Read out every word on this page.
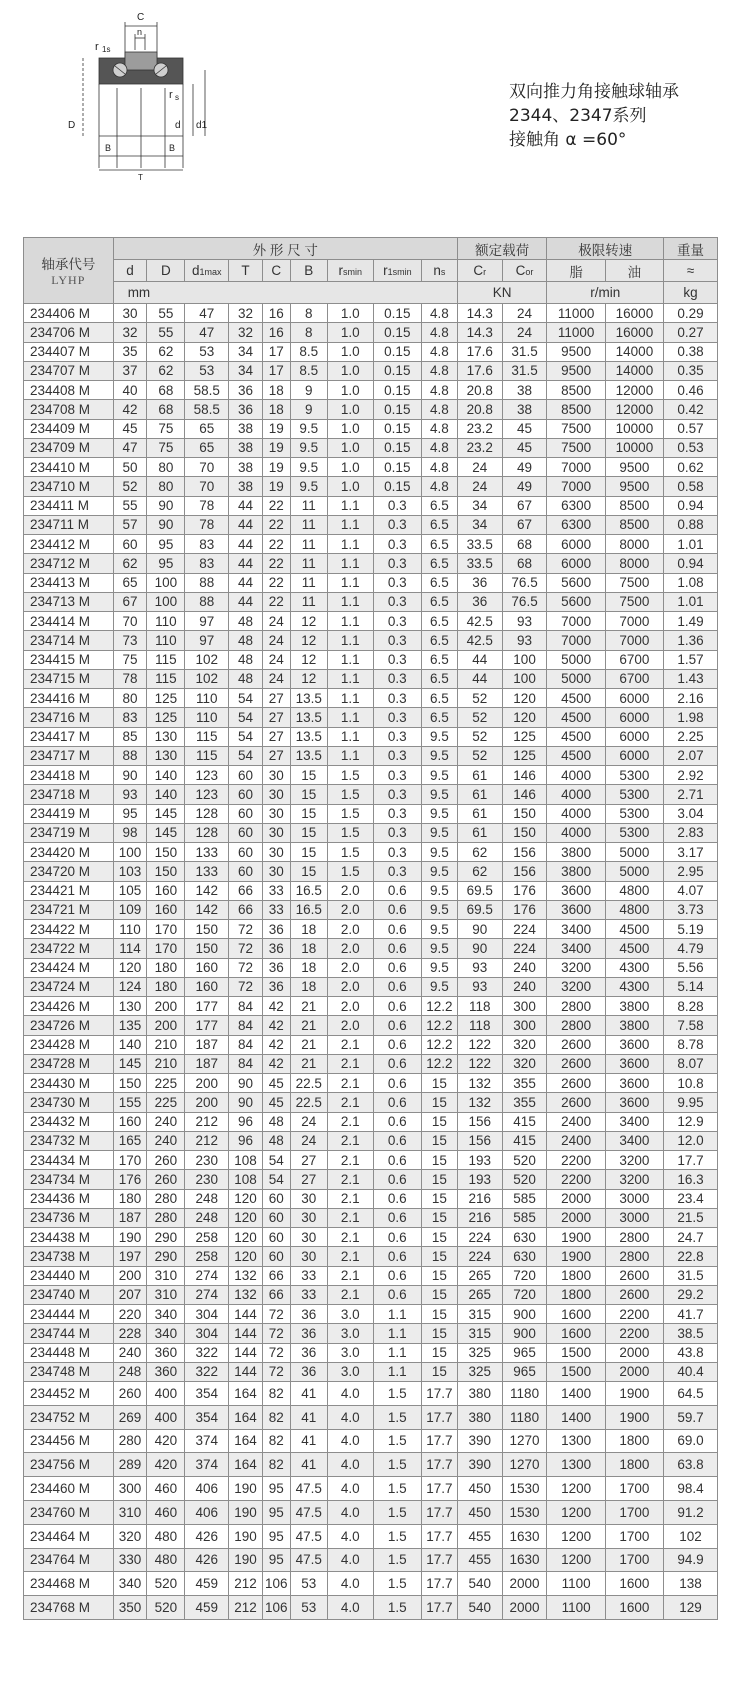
C
n
r 1s
r s
D	d d1
B	B
T
双向推力角接触球轴承
2344、2347系列
接触角 α =60°
轴承代号
LYHP	外 形 尺 寸									额定载荷		极限转速		重量
	d	D	d1max	T	C	B	rsmin	r1smin	ns	Cr	Cor	脂	油	≈
	mm									KN		r/min		kg
234406 M	30	55	47	32	16	8	1.0	0.15	4.8	14.3	24	11000	16000	0.29
234706 M	32	55	47	32	16	8	1.0	0.15	4.8	14.3	24	11000	16000	0.27
234407 M	35	62	53	34	17	8.5	1.0	0.15	4.8	17.6	31.5	9500	14000	0.38
234707 M	37	62	53	34	17	8.5	1.0	0.15	4.8	17.6	31.5	9500	14000	0.35
234408 M	40	68	58.5	36	18	9	1.0	0.15	4.8	20.8	38	8500	12000	0.46
234708 M	42	68	58.5	36	18	9	1.0	0.15	4.8	20.8	38	8500	12000	0.42
234409 M	45	75	65	38	19	9.5	1.0	0.15	4.8	23.2	45	7500	10000	0.57
234709 M	47	75	65	38	19	9.5	1.0	0.15	4.8	23.2	45	7500	10000	0.53
234410 M	50	80	70	38	19	9.5	1.0	0.15	4.8	24	49	7000	9500	0.62
234710 M	52	80	70	38	19	9.5	1.0	0.15	4.8	24	49	7000	9500	0.58
234411 M	55	90	78	44	22	11	1.1	0.3	6.5	34	67	6300	8500	0.94
234711 M	57	90	78	44	22	11	1.1	0.3	6.5	34	67	6300	8500	0.88
234412 M	60	95	83	44	22	11	1.1	0.3	6.5	33.5	68	6000	8000	1.01
234712 M	62	95	83	44	22	11	1.1	0.3	6.5	33.5	68	6000	8000	0.94
234413 M	65	100	88	44	22	11	1.1	0.3	6.5	36	76.5	5600	7500	1.08
234713 M	67	100	88	44	22	11	1.1	0.3	6.5	36	76.5	5600	7500	1.01
234414 M	70	110	97	48	24	12	1.1	0.3	6.5	42.5	93	7000	7000	1.49
234714 M	73	110	97	48	24	12	1.1	0.3	6.5	42.5	93	7000	7000	1.36
234415 M	75	115	102	48	24	12	1.1	0.3	6.5	44	100	5000	6700	1.57
234715 M	78	115	102	48	24	12	1.1	0.3	6.5	44	100	5000	6700	1.43
234416 M	80	125	110	54	27	13.5	1.1	0.3	6.5	52	120	4500	6000	2.16
234716 M	83	125	110	54	27	13.5	1.1	0.3	6.5	52	120	4500	6000	1.98
234417 M	85	130	115	54	27	13.5	1.1	0.3	9.5	52	125	4500	6000	2.25
234717 M	88	130	115	54	27	13.5	1.1	0.3	9.5	52	125	4500	6000	2.07
234418 M	90	140	123	60	30	15	1.5	0.3	9.5	61	146	4000	5300	2.92
234718 M	93	140	123	60	30	15	1.5	0.3	9.5	61	146	4000	5300	2.71
234419 M	95	145	128	60	30	15	1.5	0.3	9.5	61	150	4000	5300	3.04
234719 M	98	145	128	60	30	15	1.5	0.3	9.5	61	150	4000	5300	2.83
234420 M	100	150	133	60	30	15	1.5	0.3	9.5	62	156	3800	5000	3.17
234720 M	103	150	133	60	30	15	1.5	0.3	9.5	62	156	3800	5000	2.95
234421 M	105	160	142	66	33	16.5	2.0	0.6	9.5	69.5	176	3600	4800	4.07
234721 M	109	160	142	66	33	16.5	2.0	0.6	9.5	69.5	176	3600	4800	3.73
234422 M	110	170	150	72	36	18	2.0	0.6	9.5	90	224	3400	4500	5.19
234722 M	114	170	150	72	36	18	2.0	0.6	9.5	90	224	3400	4500	4.79
234424 M	120	180	160	72	36	18	2.0	0.6	9.5	93	240	3200	4300	5.56
234724 M	124	180	160	72	36	18	2.0	0.6	9.5	93	240	3200	4300	5.14
234426 M	130	200	177	84	42	21	2.0	0.6	12.2	118	300	2800	3800	8.28
234726 M	135	200	177	84	42	21	2.0	0.6	12.2	118	300	2800	3800	7.58
234428 M	140	210	187	84	42	21	2.1	0.6	12.2	122	320	2600	3600	8.78
234728 M	145	210	187	84	42	21	2.1	0.6	12.2	122	320	2600	3600	8.07
234430 M	150	225	200	90	45	22.5	2.1	0.6	15	132	355	2600	3600	10.8
234730 M	155	225	200	90	45	22.5	2.1	0.6	15	132	355	2600	3600	9.95
234432 M	160	240	212	96	48	24	2.1	0.6	15	156	415	2400	3400	12.9
234732 M	165	240	212	96	48	24	2.1	0.6	15	156	415	2400	3400	12.0
234434 M	170	260	230	108	54	27	2.1	0.6	15	193	520	2200	3200	17.7
234734 M	176	260	230	108	54	27	2.1	0.6	15	193	520	2200	3200	16.3
234436 M	180	280	248	120	60	30	2.1	0.6	15	216	585	2000	3000	23.4
234736 M	187	280	248	120	60	30	2.1	0.6	15	216	585	2000	3000	21.5
234438 M	190	290	258	120	60	30	2.1	0.6	15	224	630	1900	2800	24.7
234738 M	197	290	258	120	60	30	2.1	0.6	15	224	630	1900	2800	22.8
234440 M	200	310	274	132	66	33	2.1	0.6	15	265	720	1800	2600	31.5
234740 M	207	310	274	132	66	33	2.1	0.6	15	265	720	1800	2600	29.2
234444 M	220	340	304	144	72	36	3.0	1.1	15	315	900	1600	2200	41.7
234744 M	228	340	304	144	72	36	3.0	1.1	15	315	900	1600	2200	38.5
234448 M	240	360	322	144	72	36	3.0	1.1	15	325	965	1500	2000	43.8
234748 M	248	360	322	144	72	36	3.0	1.1	15	325	965	1500	2000	40.4
234452 M	260	400	354	164	82	41	4.0	1.5	17.7	380	1180	1400	1900	64.5
234752 M	269	400	354	164	82	41	4.0	1.5	17.7	380	1180	1400	1900	59.7
234456 M	280	420	374	164	82	41	4.0	1.5	17.7	390	1270	1300	1800	69.0
234756 M	289	420	374	164	82	41	4.0	1.5	17.7	390	1270	1300	1800	63.8
234460 M	300	460	406	190	95	47.5	4.0	1.5	17.7	450	1530	1200	1700	98.4
234760 M	310	460	406	190	95	47.5	4.0	1.5	17.7	450	1530	1200	1700	91.2
234464 M	320	480	426	190	95	47.5	4.0	1.5	17.7	455	1630	1200	1700	102
234764 M	330	480	426	190	95	47.5	4.0	1.5	17.7	455	1630	1200	1700	94.9
234468 M	340	520	459	212	106	53	4.0	1.5	17.7	540	2000	1100	1600	138
234768 M	350	520	459	212	106	53	4.0	1.5	17.7	540	2000	1100	1600	129
